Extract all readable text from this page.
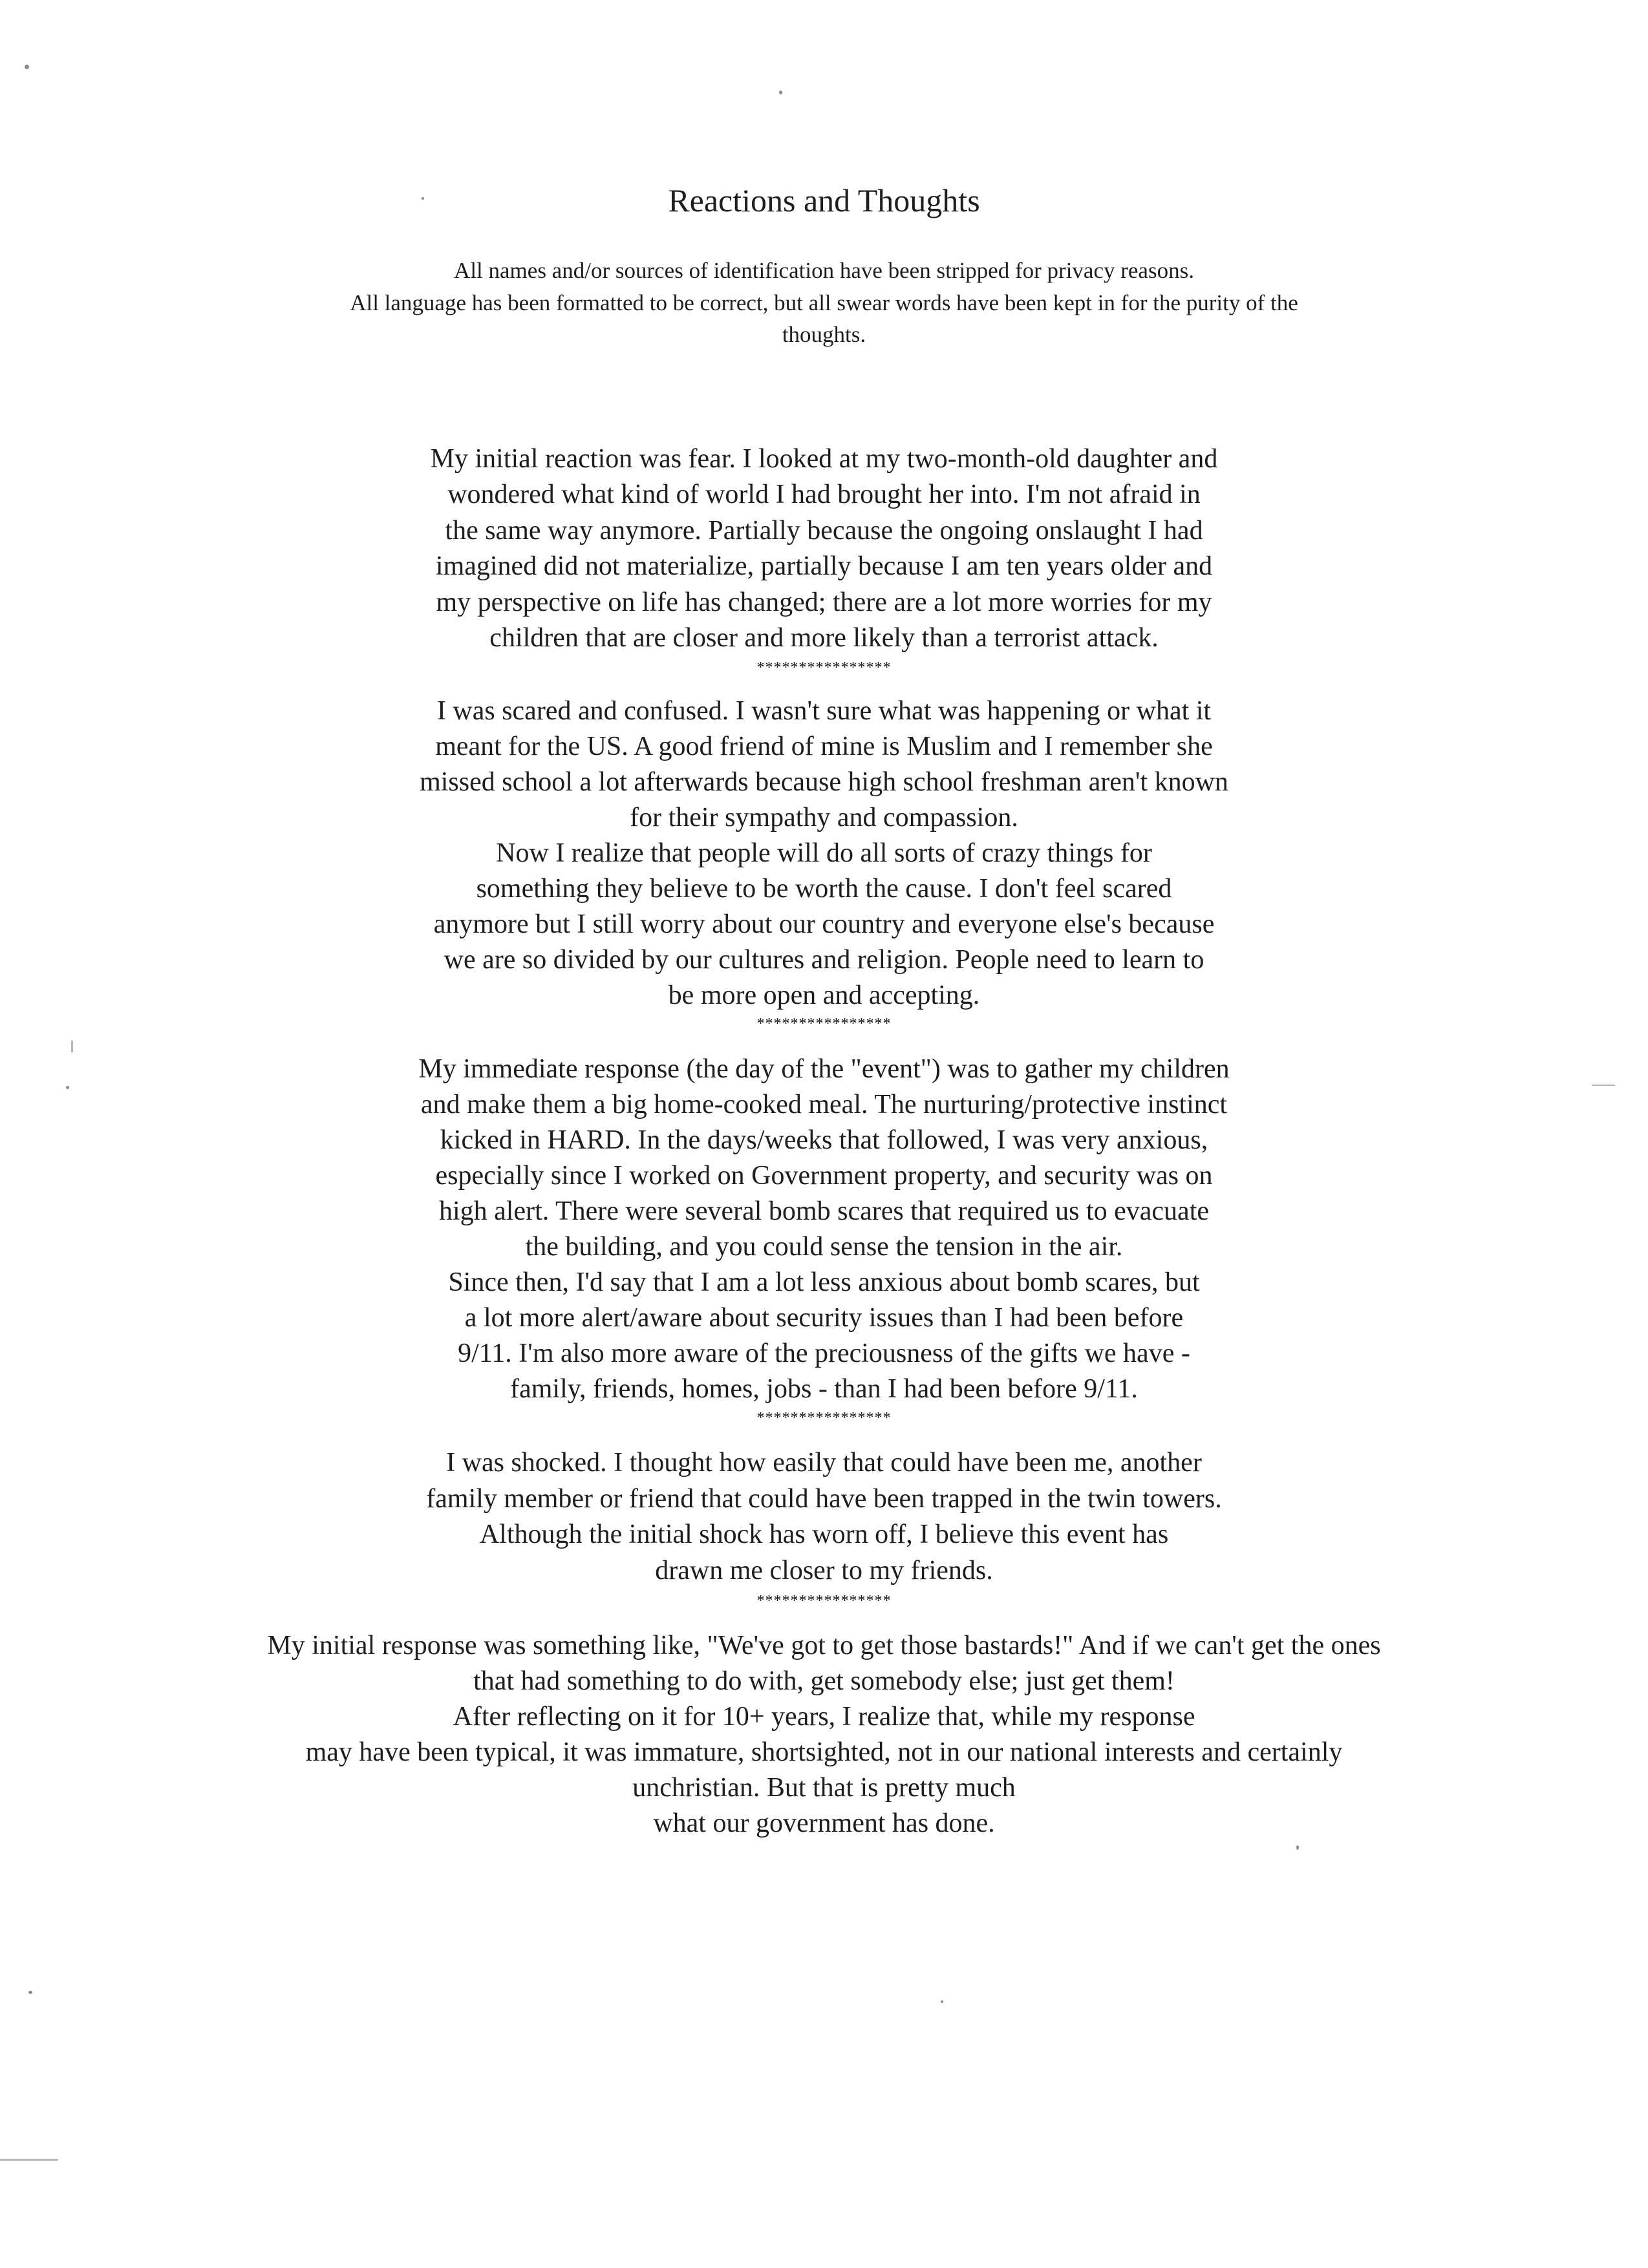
Reactions and Thoughts
All names and/or sources of identification have been stripped for privacy reasons.
All language has been formatted to be correct, but all swear words have been kept in for the purity of the
thoughts.
My initial reaction was fear. I looked at my two-month-old daughter and
wondered what kind of world I had brought her into. I'm not afraid in
the same way anymore. Partially because the ongoing onslaught I had
imagined did not materialize, partially because I am ten years older and
my perspective on life has changed; there are a lot more worries for my
children that are closer and more likely than a terrorist attack.
****************
I was scared and confused. I wasn't sure what was happening or what it
meant for the US. A good friend of mine is Muslim and I remember she
missed school a lot afterwards because high school freshman aren't known
for their sympathy and compassion.
Now I realize that people will do all sorts of crazy things for
something they believe to be worth the cause. I don't feel scared
anymore but I still worry about our country and everyone else's because
we are so divided by our cultures and religion. People need to learn to
be more open and accepting.
****************
My immediate response (the day of the "event") was to gather my children
and make them a big home-cooked meal. The nurturing/protective instinct
kicked in HARD. In the days/weeks that followed, I was very anxious,
especially since I worked on Government property, and security was on
high alert. There were several bomb scares that required us to evacuate
the building, and you could sense the tension in the air.
Since then, I'd say that I am a lot less anxious about bomb scares, but
a lot more alert/aware about security issues than I had been before
9/11. I'm also more aware of the preciousness of the gifts we have -
family, friends, homes, jobs - than I had been before 9/11.
****************
I was shocked. I thought how easily that could have been me, another
family member or friend that could have been trapped in the twin towers.
Although the initial shock has worn off, I believe this event has
drawn me closer to my friends.
****************
My initial response was something like, "We've got to get those bastards!" And if we can't get the ones
that had something to do with, get somebody else; just get them!
After reflecting on it for 10+ years, I realize that, while my response
may have been typical, it was immature, shortsighted, not in our national interests and certainly
unchristian. But that is pretty much
what our government has done.
